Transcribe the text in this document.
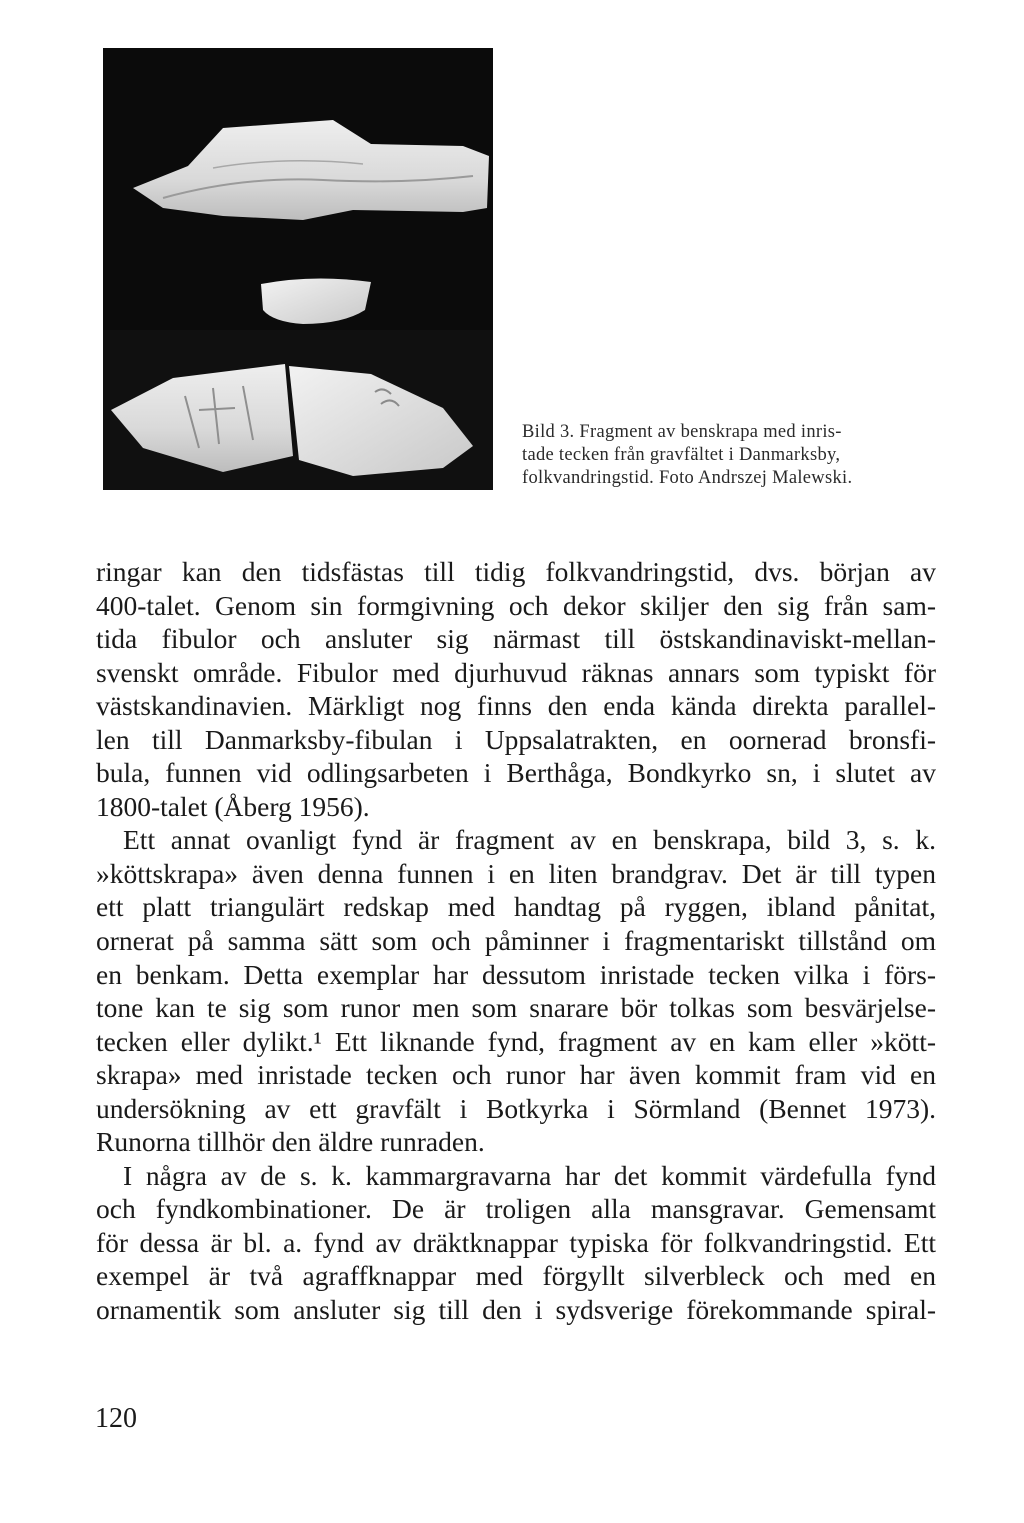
Bild 3. Fragment av benskrapa med inris-
tade tecken från gravfältet i Danmarksby,
folkvandringstid. Foto Andrszej Malewski.

ringar kan den tidsfästas till tidig folkvandringstid, dvs. början av
400-talet. Genom sin formgivning och dekor skiljer den sig från sam-
tida fibulor och ansluter sig närmast till östskandinaviskt-mellan-
svenskt område. Fibulor med djurhuvud räknas annars som typiskt för
västskandinavien. Märkligt nog finns den enda kända direkta parallel-
len till Danmarksby-fibulan i Uppsalatrakten, en oornerad bronsfi-
bula, funnen vid odlingsarbeten i Berthåga, Bondkyrko sn, i slutet av
1800-talet (Åberg 1956).
Ett annat ovanligt fynd är fragment av en benskrapa, bild 3, s. k.
»köttskrapa» även denna funnen i en liten brandgrav. Det är till typen
ett platt triangulärt redskap med handtag på ryggen, ibland pånitat,
ornerat på samma sätt som och påminner i fragmentariskt tillstånd om
en benkam. Detta exemplar har dessutom inristade tecken vilka i förs-
tone kan te sig som runor men som snarare bör tolkas som besvärjelse-
tecken eller dylikt.¹ Ett liknande fynd, fragment av en kam eller »kött-
skrapa» med inristade tecken och runor har även kommit fram vid en
undersökning av ett gravfält i Botkyrka i Sörmland (Bennet 1973).
Runorna tillhör den äldre runraden.
I några av de s. k. kammargravarna har det kommit värdefulla fynd
och fyndkombinationer. De är troligen alla mansgravar. Gemensamt
för dessa är bl. a. fynd av dräktknappar typiska för folkvandringstid. Ett
exempel är två agraffknappar med förgyllt silverbleck och med en
ornamentik som ansluter sig till den i sydsverige förekommande spiral-

120
